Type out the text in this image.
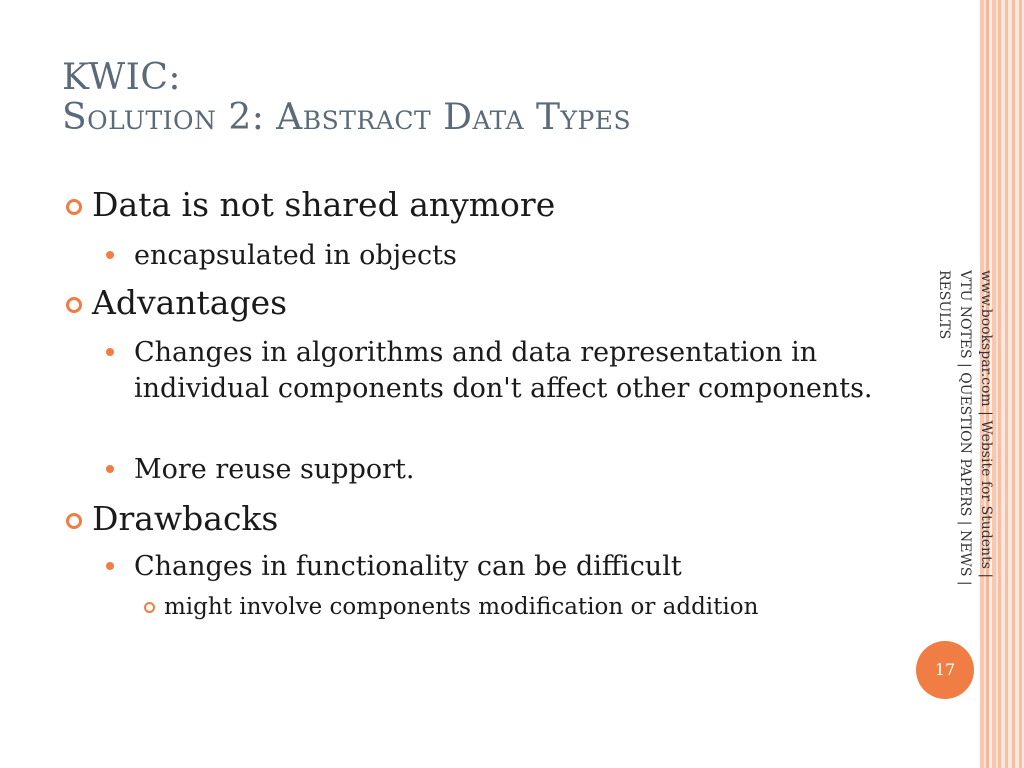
KWIC:
Solution 2: Abstract Data Types
Data is not shared anymore
encapsulated in objects
Advantages
Changes in algorithms and data representation in individual components don't affect other components.
More reuse support.
Drawbacks
Changes in functionality can be difficult
might involve components modification or addition
www.bookspar.com | Website for Students | VTU NOTES | QUESTION PAPERS | NEWS | RESULTS
17
